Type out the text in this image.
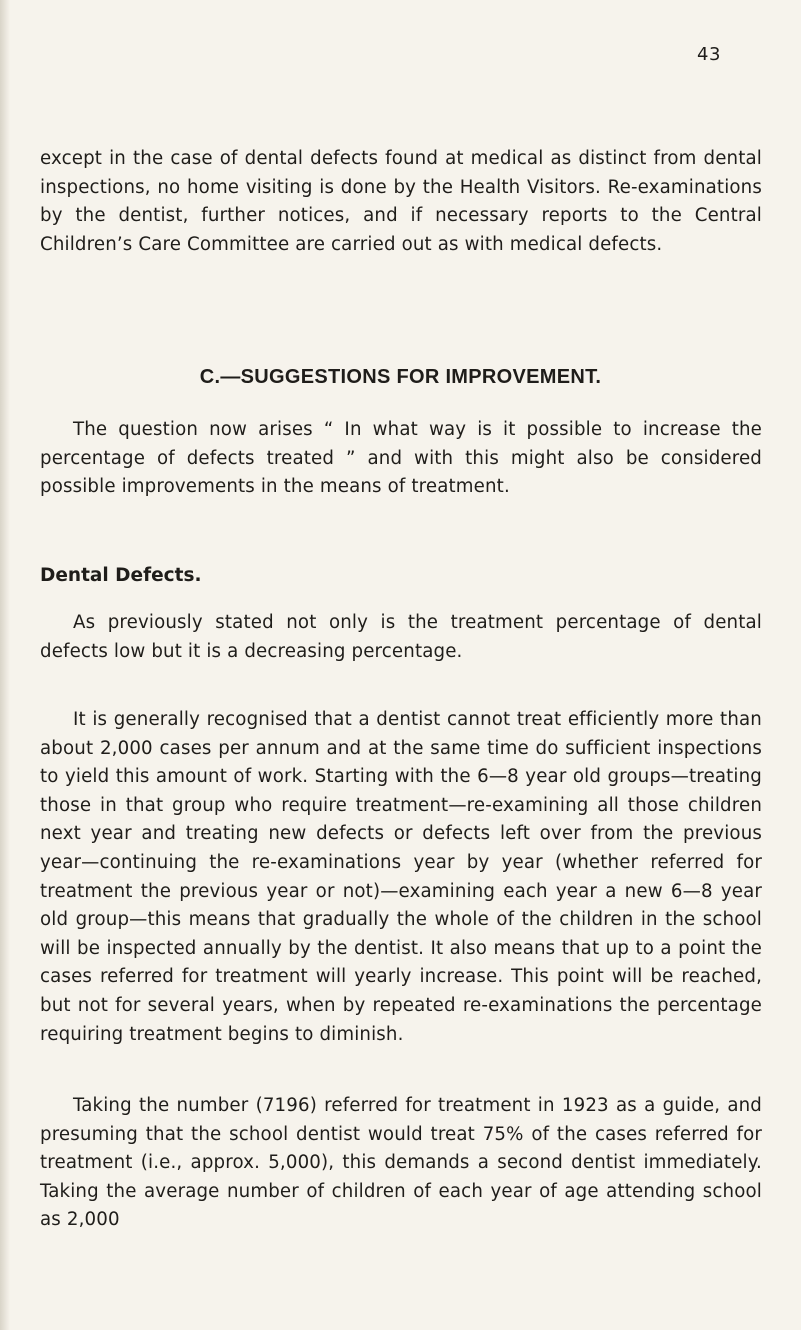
43

except in the case of dental defects found at medical as distinct from dental inspections, no home visiting is done by the Health Visitors. Re-examinations by the dentist, further notices, and if necessary reports to the Central Children’s Care Committee are carried out as with medical defects.

C.—SUGGESTIONS FOR IMPROVEMENT.

The question now arises “ In what way is it possible to increase the percentage of defects treated ” and with this might also be considered possible improvements in the means of treatment.

Dental Defects.

As previously stated not only is the treatment percentage of dental defects low but it is a decreasing percentage.

It is generally recognised that a dentist cannot treat efficiently more than about 2,000 cases per annum and at the same time do sufficient inspections to yield this amount of work. Starting with the 6—8 year old groups—treating those in that group who require treatment—re-examining all those children next year and treating new defects or defects left over from the previous year—continuing the re-examinations year by year (whether referred for treatment the previous year or not)—examining each year a new 6—8 year old group—this means that gradually the whole of the children in the school will be inspected annually by the dentist. It also means that up to a point the cases referred for treatment will yearly increase. This point will be reached, but not for several years, when by repeated re-examinations the percentage requiring treatment begins to diminish.

Taking the number (7196) referred for treatment in 1923 as a guide, and presuming that the school dentist would treat 75% of the cases referred for treatment (i.e., approx. 5,000), this demands a second dentist immediately. Taking the average number of children of each year of age attending school as 2,000
